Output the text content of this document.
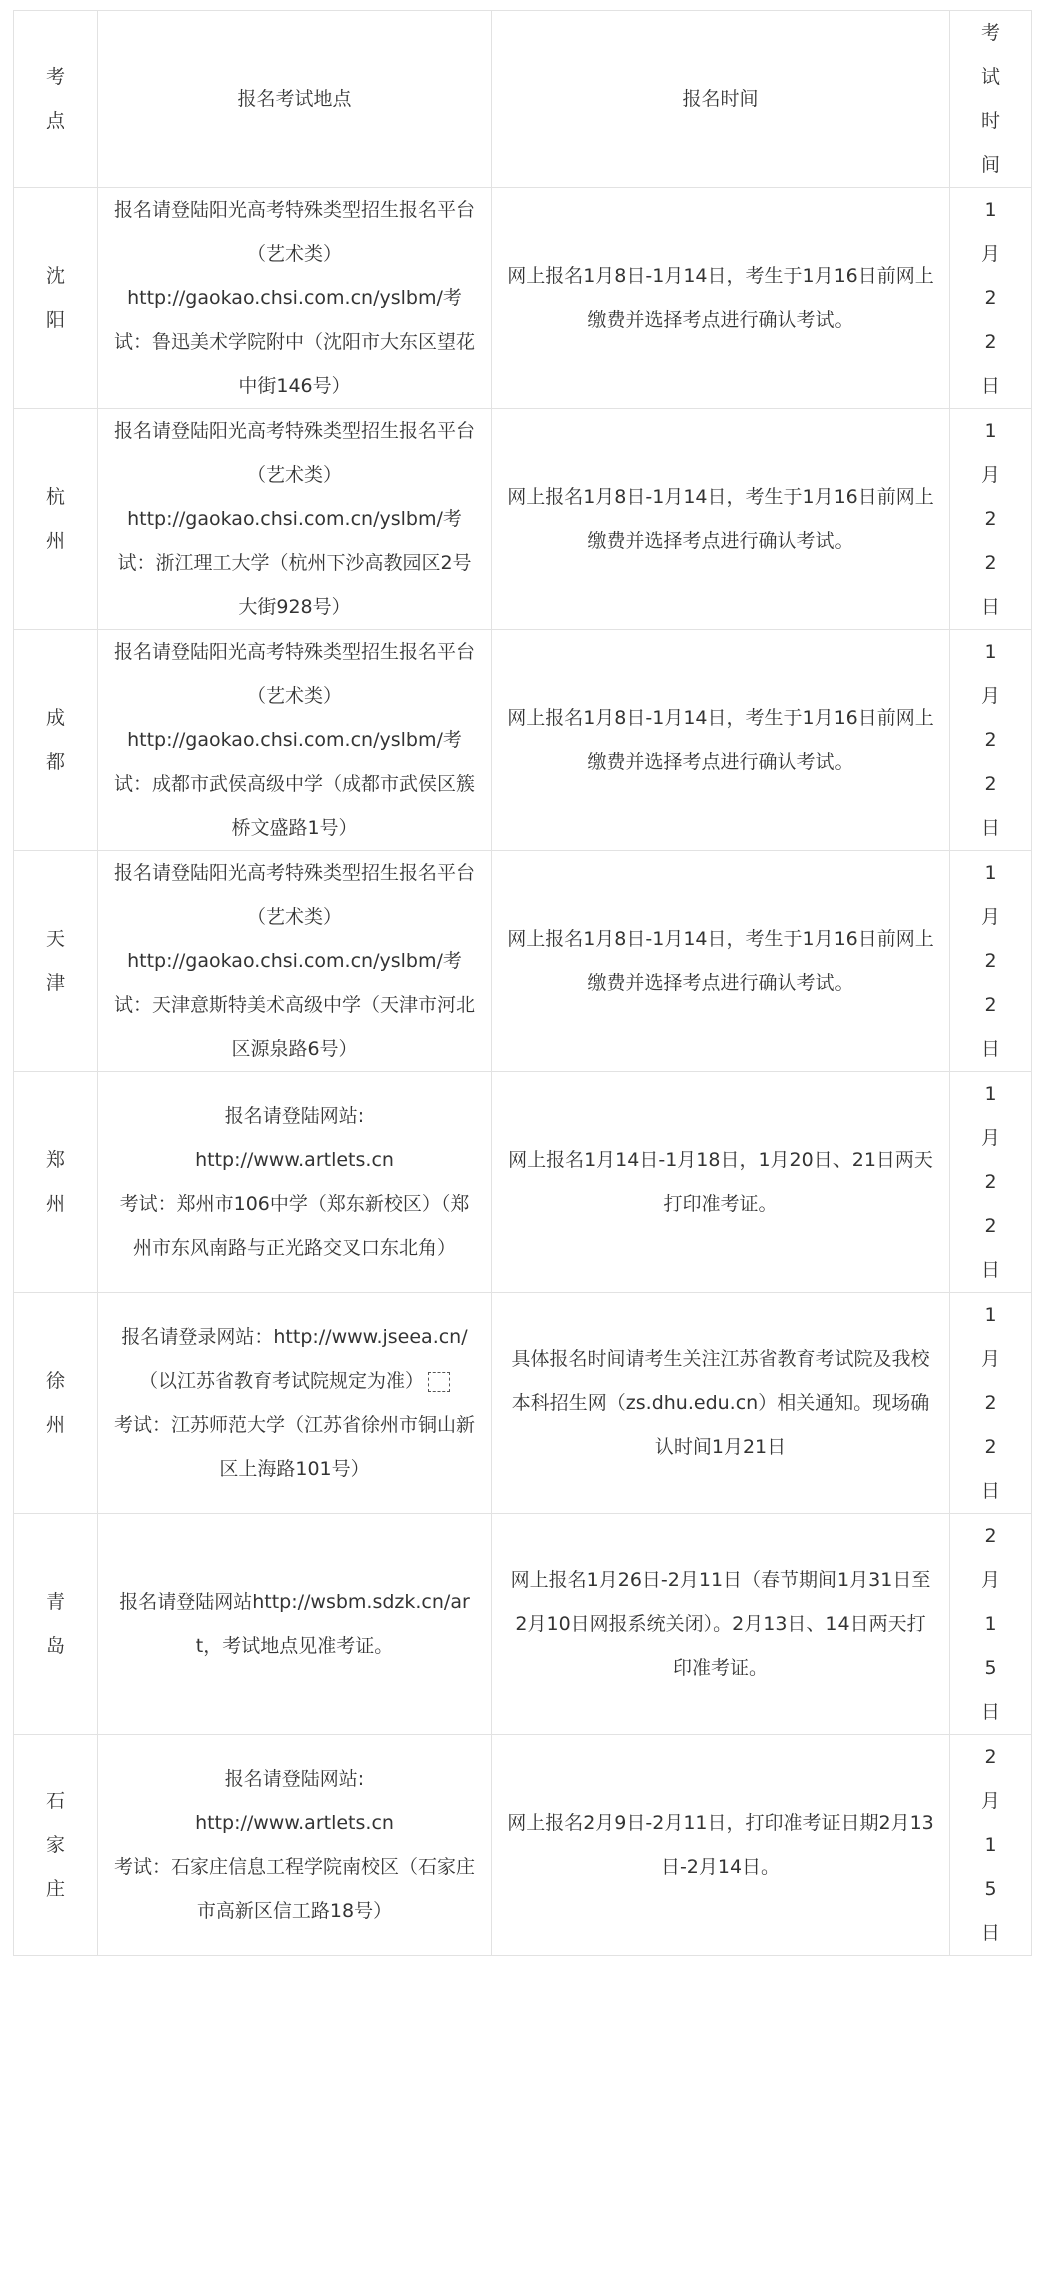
考点	报名考试地点	报名时间	考试时间

沈阳	报名请登陆阳光高考特殊类型招生报名平台（艺术类）
http://gaokao.chsi.com.cn/yslbm/考试：鲁迅美术学院附中（沈阳市大东区望花中街146号）	网上报名1月8日-1月14日，考生于1月16日前网上缴费并选择考点进行确认考试。	1月22日

杭州	报名请登陆阳光高考特殊类型招生报名平台（艺术类）
http://gaokao.chsi.com.cn/yslbm/考试：浙江理工大学（杭州下沙高教园区2号大街928号）	网上报名1月8日-1月14日，考生于1月16日前网上缴费并选择考点进行确认考试。	1月22日

成都	报名请登陆阳光高考特殊类型招生报名平台（艺术类）
http://gaokao.chsi.com.cn/yslbm/考试：成都市武侯高级中学（成都市武侯区簇桥文盛路1号）	网上报名1月8日-1月14日，考生于1月16日前网上缴费并选择考点进行确认考试。	1月22日

天津	报名请登陆阳光高考特殊类型招生报名平台（艺术类）
http://gaokao.chsi.com.cn/yslbm/考试：天津意斯特美术高级中学（天津市河北区源泉路6号）	网上报名1月8日-1月14日，考生于1月16日前网上缴费并选择考点进行确认考试。	1月22日

郑州	报名请登陆网站:
http://www.artlets.cn
考试：郑州市106中学（郑东新校区）（郑州市东风南路与正光路交叉口东北角）	网上报名1月14日-1月18日，1月20日、21日两天打印准考证。	1月22日

徐州	报名请登录网站：http://www.jseea.cn/（以江苏省教育考试院规定为准）
考试：江苏师范大学（江苏省徐州市铜山新区上海路101号）	具体报名时间请考生关注江苏省教育考试院及我校本科招生网（zs.dhu.edu.cn）相关通知。现场确认时间1月21日	1月22日

青岛	报名请登陆网站http://wsbm.sdzk.cn/art，考试地点见准考证。	网上报名1月26日-2月11日（春节期间1月31日至2月10日网报系统关闭）。2月13日、14日两天打印准考证。	2月15日

石家庄	报名请登陆网站:
http://www.artlets.cn
考试：石家庄信息工程学院南校区（石家庄市高新区信工路18号）	网上报名2月9日-2月11日，打印准考证日期2月13日-2月14日。	2月15日
